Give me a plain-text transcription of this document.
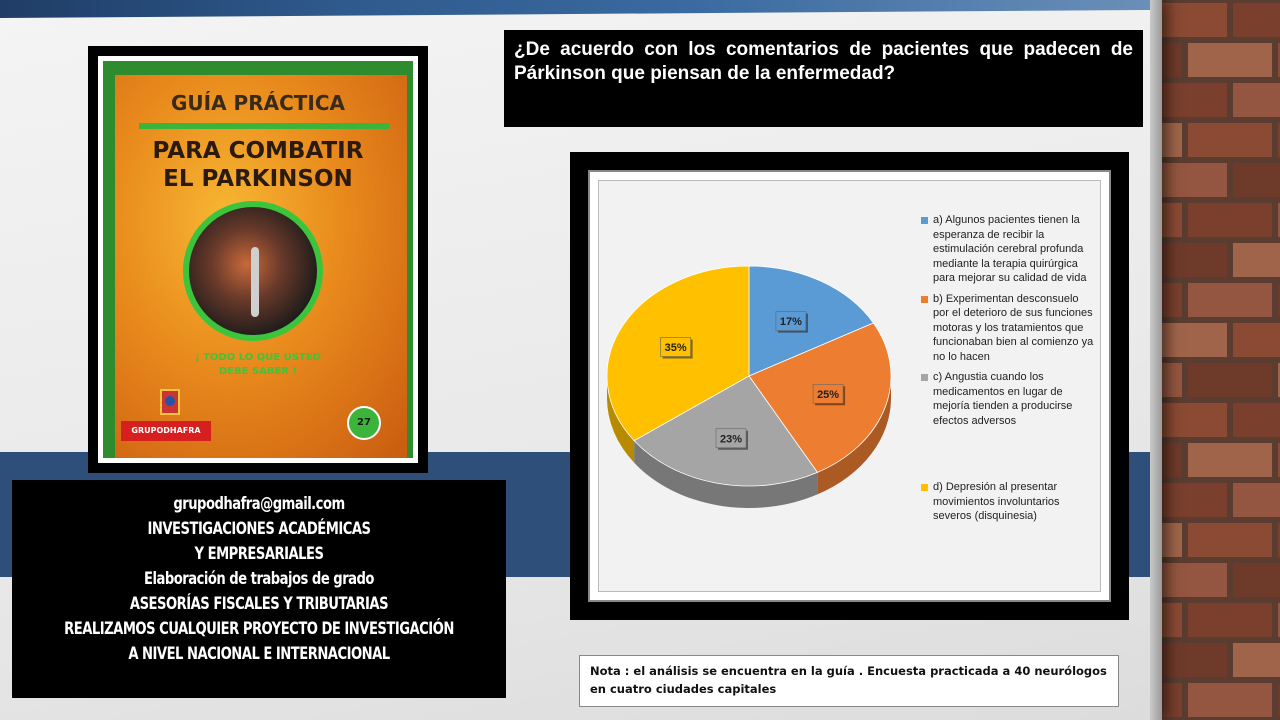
GUÍA PRÁCTICA
PARA COMBATIR
EL PARKINSON
¡ TODO LO QUE USTED
DEBE SABER !
GRUPODHAFRA
27

¿De acuerdo con los comentarios de pacientes que padecen de Párkinson que piensan de la enfermedad?

17%
25%
23%
35%
a) Algunos pacientes tienen la esperanza de recibir la estimulación cerebral profunda mediante la terapia quirúrgica para mejorar su calidad de vida
b) Experimentan desconsuelo por el deterioro de sus funciones motoras y los tratamientos que funcionaban bien al comienzo ya no lo hacen
c) Angustia cuando los medicamentos en lugar de mejoría tienden a producirse efectos adversos
d) Depresión al presentar movimientos involuntarios severos (disquinesia)
grupodhafra@gmail.com
INVESTIGACIONES ACADÉMICAS
Y EMPRESARIALES
Elaboración de trabajos de grado
ASESORÍAS FISCALES Y TRIBUTARIAS
REALIZAMOS CUALQUIER PROYECTO DE INVESTIGACIÓN
A NIVEL NACIONAL E INTERNACIONAL
Nota : el análisis se encuentra en la guía . Encuesta practicada a 40 neurólogos en cuatro ciudades capitales
